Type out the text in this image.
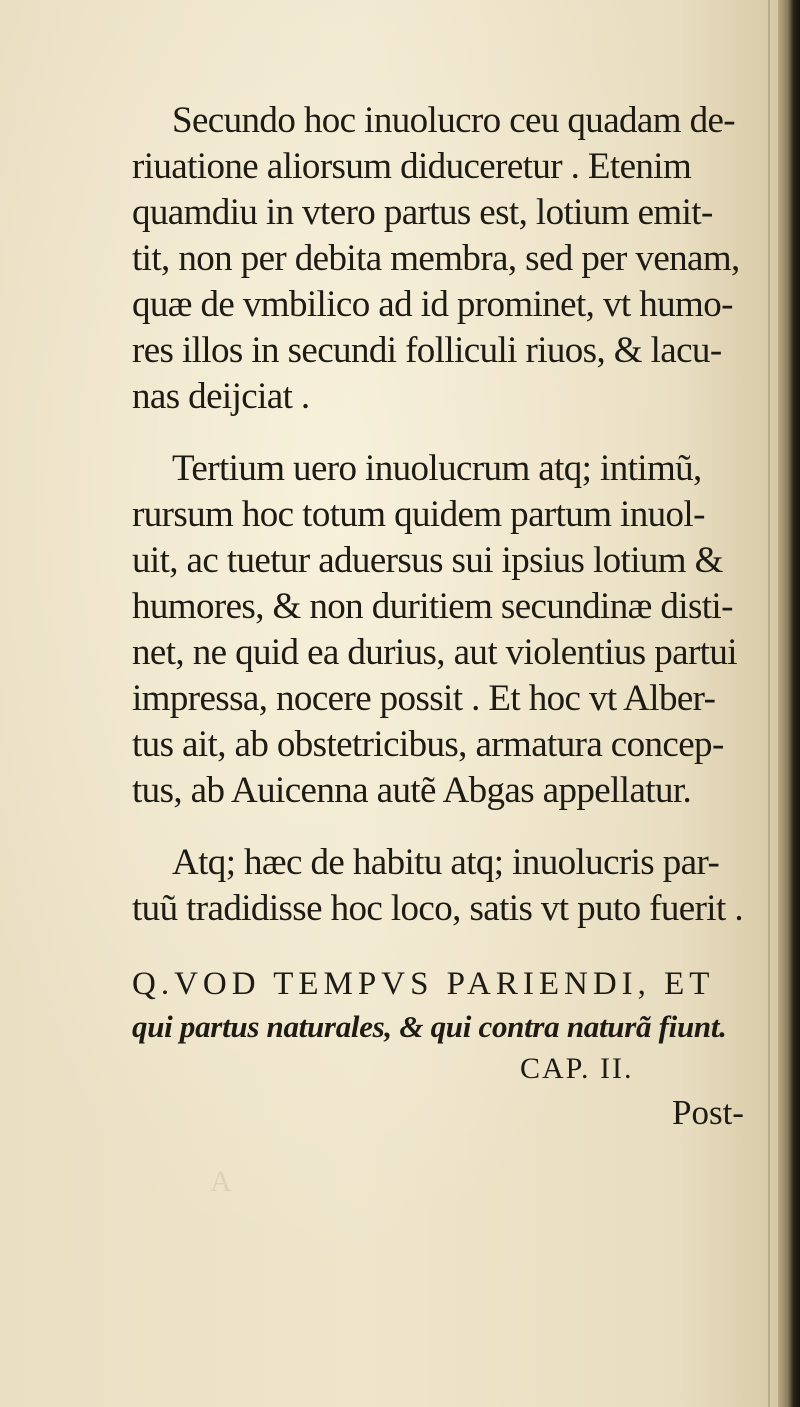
A
Secundo hoc inuolucro ceu quadam de-
riuatione aliorsum diduceretur . Etenim
quamdiu in vtero partus est, lotium emit-
tit, non per debita membra, sed per venam,
quæ de vmbilico ad id prominet, vt humo-
res illos in secundi folliculi riuos, & lacu-
nas deijciat .
Tertium uero inuolucrum atq; intimũ,
rursum hoc totum quidem partum inuol-
uit, ac tuetur aduersus sui ipsius lotium &
humores, & non duritiem secundinæ disti-
net, ne quid ea durius, aut violentius partui
impressa, nocere possit . Et hoc vt Alber-
tus ait, ab obstetricibus, armatura concep-
tus, ab Auicenna autẽ Abgas appellatur.
Atq; hæc de habitu atq; inuolucris par-
tuũ tradidisse hoc loco, satis vt puto fuerit .
Q.VOD TEMPVS PARIENDI, ET
qui partus naturales, & qui contra naturã fiunt.
CAP. II.
Post-
